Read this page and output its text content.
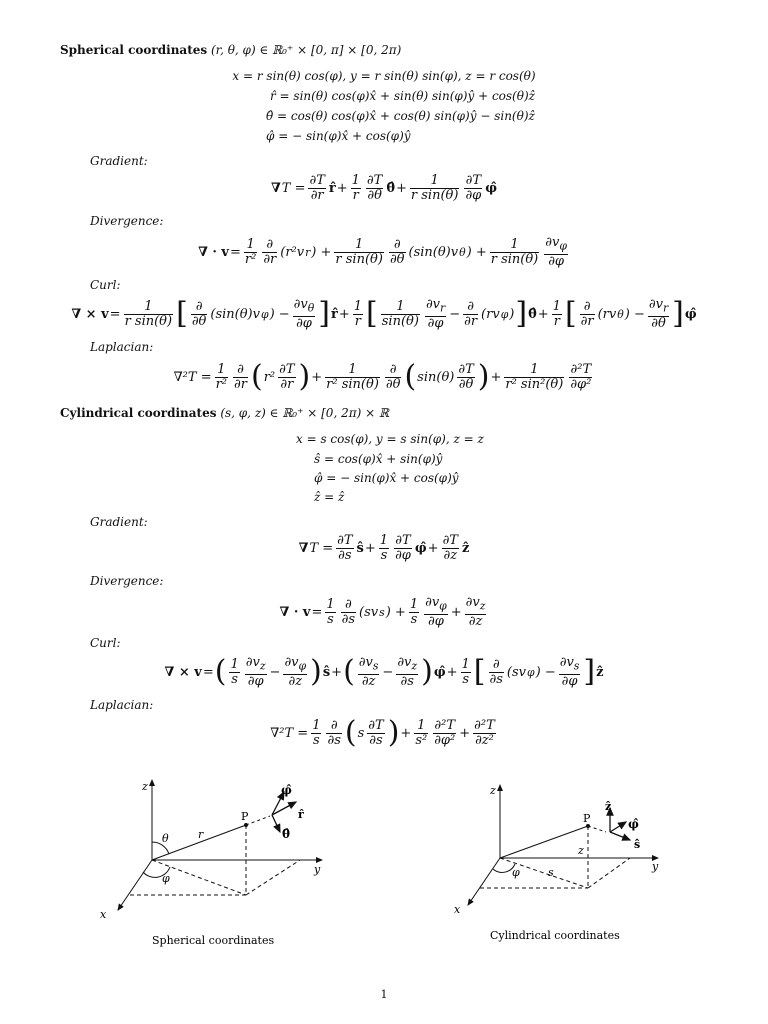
Spherical coordinates (r, θ, φ) ∈ ℝ₀⁺ × [0, π] × [0, 2π)
x = r sin(θ) cos(φ), y = r sin(θ) sin(φ), z = r cos(θ)
r̂ = sin(θ) cos(φ)x̂ + sin(θ) sin(φ)ŷ + cos(θ)ẑ
θ̂ = cos(θ) cos(φ)x̂ + cos(θ) sin(φ)ŷ − sin(θ)ẑ
φ̂ = − sin(φ)x̂ + cos(φ)ŷ
Gradient:
∇ $T = \frac{\partial T}{\partial r}$ r̂ + $\frac{1}{r} \frac{\partial T}{\partial\theta}$ θ̂ + $\frac{1}{\text{r sin(θ)}} \frac{\partial T}{\partial\varphi}$ φ̂
Divergence:
∇ · $v = \frac{1}{\text{r²}} \frac{\partial}{\partial r} (r^2v$ r ) + $\frac{1}{\text{r sin(θ)}} \frac{\partial}{\partial\theta} (\sin(\theta)v$ θ ) + $\frac{1}{\text{r sin(θ)}} \frac{\partial v_\varphi}{\partial\varphi}$
Curl:
∇ × $v = \frac{1}{\text{r sin(θ)}}$ [ $\frac{\partial}{\partial\theta} (\sin(\theta)v$ φ ) − $\frac{\partial v_\theta}{\partial\varphi}$ ] r̂ + $\frac{1}{r}$ [ $\frac{1}{\sin(\theta)} \frac{\partial v_r}{\partial\varphi} - \frac{\partial}{\partial r} (rv$ φ ) ] θ̂ + $\frac{1}{r}$ [ $\frac{\partial}{\partial r} (rv$ θ ) − $\frac{\partial v_r}{\partial\theta}$ ] φ̂
Laplacian:
$\nabla^2T = \frac{1}{\text{r²}} \frac{\partial}{\partial r}$ ( $r^2 \frac{\partial T}{\partial r}$ ) + $\frac{1}{\text{r² sin(θ)}} \frac{\partial}{\partial\theta}$ ( $\sin(\theta) \frac{\partial T}{\partial\theta}$ ) + $\frac{1}{\text{r² sin²(θ)}} \frac{\text{∂²T}}{\text{∂φ²}}$
Cylindrical coordinates (s, φ, z) ∈ ℝ₀⁺ × [0, 2π) × ℝ
x = s cos(φ), y = s sin(φ), z = z
ŝ = cos(φ)x̂ + sin(φ)ŷ
φ̂ = − sin(φ)x̂ + cos(φ)ŷ
ẑ = ẑ
Gradient:
∇ $T = \frac{\partial T}{\partial s}$ ŝ + $\frac{1}{s} \frac{\partial T}{\partial\varphi}$ φ̂ + $\frac{\partial T}{\partial z}$ ẑ
Divergence:
∇ · $v = \frac{1}{s} \frac{\partial}{\partial s} (sv$ s ) + $\frac{1}{s} \frac{\partial v_\varphi}{\partial\varphi} + \frac{\partial v_z}{\partial z}$
Curl:
∇ × v = ( $\frac{1}{s} \frac{\partial v_z}{\partial\varphi} - \frac{\partial v_\varphi}{\partial z}$ ) ŝ + ( $\frac{\partial v_s}{\partial z} - \frac{\partial v_z}{\partial s}$ ) φ̂ + $\frac{1}{s}$ [ $\frac{\partial}{\partial s} (sv$ φ ) − $\frac{\partial v_s}{\partial\varphi}$ ] ẑ
Laplacian:
$\nabla^2T = \frac{1}{s} \frac{\partial}{\partial s}$ ( s $\frac{\partial T}{\partial s}$ ) + $\frac{1}{\text{s²}} \frac{\text{∂²T}}{\text{∂φ²}} + \frac{\text{∂²T}}{\text{∂z²}}$
z
y
x
P
r
θ
φ
φ̂
r̂
θ̂
Spherical coordinates
z
y
x
P
z
s
φ
ẑ
φ̂
ŝ
Cylindrical coordinates
1
